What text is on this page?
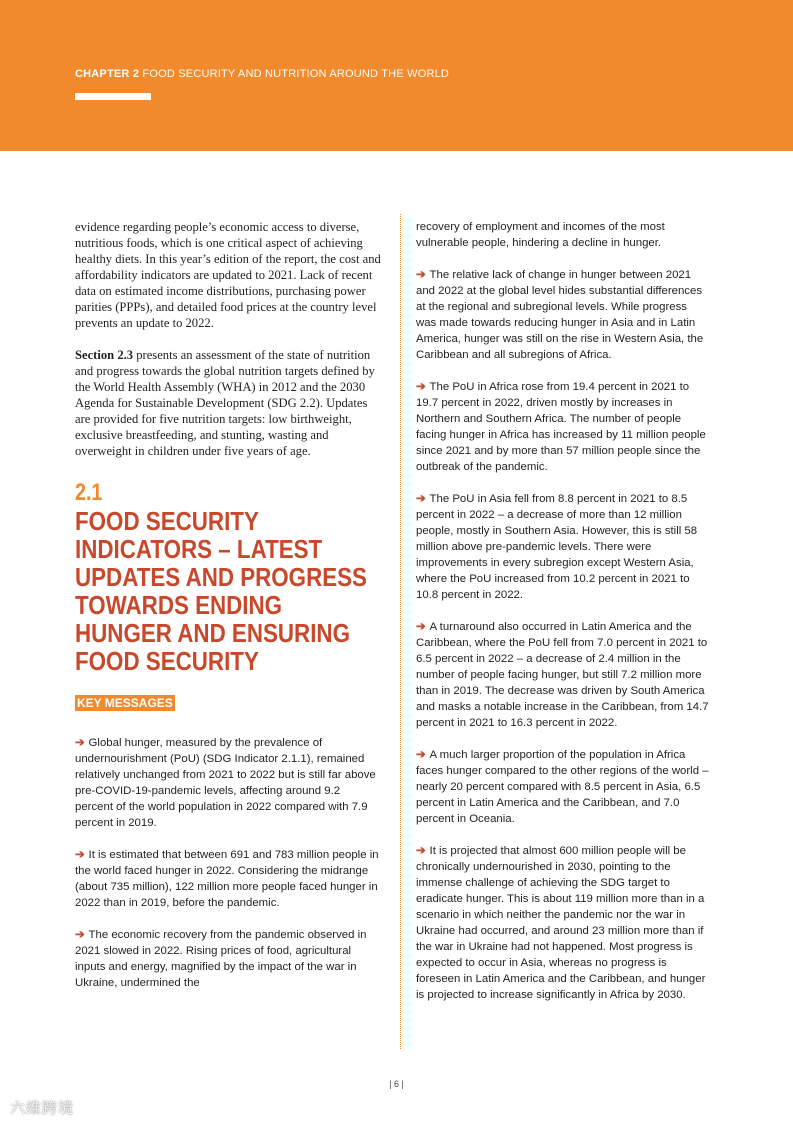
CHAPTER 2 FOOD SECURITY AND NUTRITION AROUND THE WORLD

evidence regarding people’s economic access to diverse, nutritious foods, which is one critical aspect of achieving healthy diets. In this year’s edition of the report, the cost and affordability indicators are updated to 2021. Lack of recent data on estimated income distributions, purchasing power parities (PPPs), and detailed food prices at the country level prevents an update to 2022.

Section 2.3 presents an assessment of the state of nutrition and progress towards the global nutrition targets defined by the World Health Assembly (WHA) in 2012 and the 2030 Agenda for Sustainable Development (SDG 2.2). Updates are provided for five nutrition targets: low birthweight, exclusive breastfeeding, and stunting, wasting and overweight in children under five years of age.

2.1
FOOD SECURITY
INDICATORS – LATEST
UPDATES AND PROGRESS
TOWARDS ENDING
HUNGER AND ENSURING
FOOD SECURITY
KEY MESSAGES

➔ Global hunger, measured by the prevalence of undernourishment (PoU) (SDG Indicator 2.1.1), remained relatively unchanged from 2021 to 2022 but is still far above pre-COVID-19-pandemic levels, affecting around 9.2 percent of the world population in 2022 compared with 7.9 percent in 2019.

➔ It is estimated that between 691 and 783 million people in the world faced hunger in 2022. Considering the midrange (about 735 million), 122 million more people faced hunger in 2022 than in 2019, before the pandemic.

➔ The economic recovery from the pandemic observed in 2021 slowed in 2022. Rising prices of food, agricultural inputs and energy, magnified by the impact of the war in Ukraine, undermined the

recovery of employment and incomes of the most vulnerable people, hindering a decline in hunger.

➔ The relative lack of change in hunger between 2021 and 2022 at the global level hides substantial differences at the regional and subregional levels. While progress was made towards reducing hunger in Asia and in Latin America, hunger was still on the rise in Western Asia, the Caribbean and all subregions of Africa.

➔ The PoU in Africa rose from 19.4 percent in 2021 to 19.7 percent in 2022, driven mostly by increases in Northern and Southern Africa. The number of people facing hunger in Africa has increased by 11 million people since 2021 and by more than 57 million people since the outbreak of the pandemic.

➔ The PoU in Asia fell from 8.8 percent in 2021 to 8.5 percent in 2022 – a decrease of more than 12 million people, mostly in Southern Asia. However, this is still 58 million above pre-pandemic levels. There were improvements in every subregion except Western Asia, where the PoU increased from 10.2 percent in 2021 to 10.8 percent in 2022.

➔ A turnaround also occurred in Latin America and the Caribbean, where the PoU fell from 7.0 percent in 2021 to 6.5 percent in 2022 – a decrease of 2.4 million in the number of people facing hunger, but still 7.2 million more than in 2019. The decrease was driven by South America and masks a notable increase in the Caribbean, from 14.7 percent in 2021 to 16.3 percent in 2022.

➔ A much larger proportion of the population in Africa faces hunger compared to the other regions of the world – nearly 20 percent compared with 8.5 percent in Asia, 6.5 percent in Latin America and the Caribbean, and 7.0 percent in Oceania.

➔ It is projected that almost 600 million people will be chronically undernourished in 2030, pointing to the immense challenge of achieving the SDG target to eradicate hunger. This is about 119 million more than in a scenario in which neither the pandemic nor the war in Ukraine had occurred, and around 23 million more than if the war in Ukraine had not happened. Most progress is expected to occur in Asia, whereas no progress is foreseen in Latin America and the Caribbean, and hunger is projected to increase significantly in Africa by 2030.

| 6 |
六维跨境
